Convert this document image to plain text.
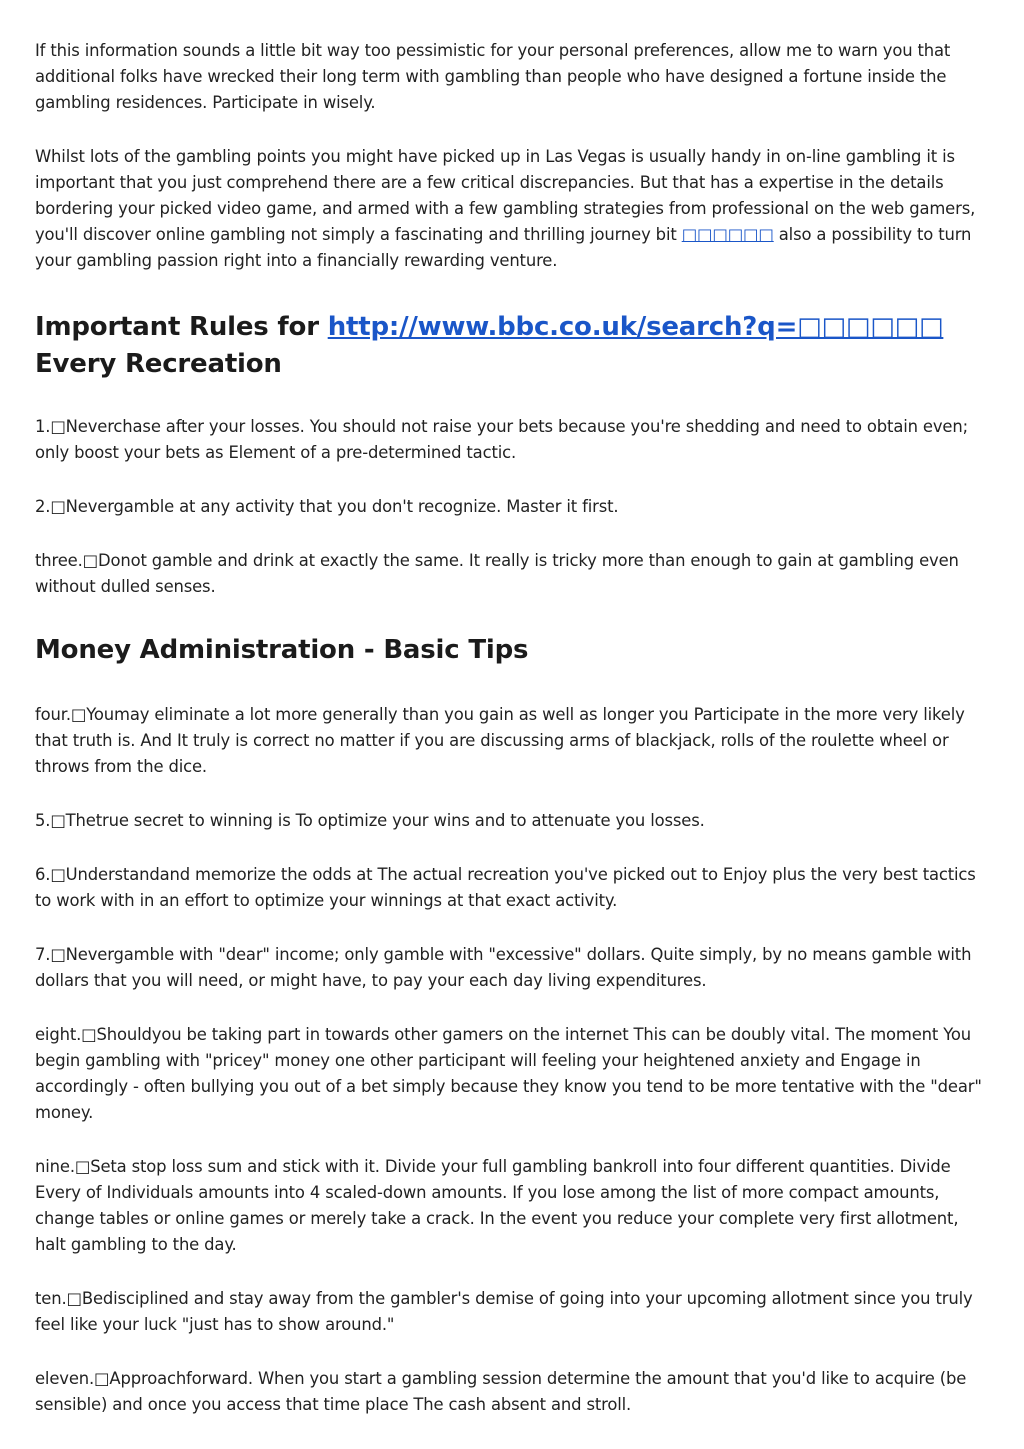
If this information sounds a little bit way too pessimistic for your personal preferences, allow me to warn you that additional folks have wrecked their long term with gambling than people who have designed a fortune inside the gambling residences. Participate in wisely.

Whilst lots of the gambling points you might have picked up in Las Vegas is usually handy in on-line gambling it is important that you just comprehend there are a few critical discrepancies. But that has a expertise in the details bordering your picked video game, and armed with a few gambling strategies from professional on the web gamers, you'll discover online gambling not simply a fascinating and thrilling journey bit □□□□□□ also a possibility to turn your gambling passion right into a financially rewarding venture.

Important Rules for http://www.bbc.co.uk/search?q=□□□□□□ Every Recreation

1.□Neverchase after your losses. You should not raise your bets because you're shedding and need to obtain even; only boost your bets as Element of a pre-determined tactic.

2.□Nevergamble at any activity that you don't recognize. Master it first.

three.□Donot gamble and drink at exactly the same. It really is tricky more than enough to gain at gambling even without dulled senses.

Money Administration - Basic Tips

four.□Youmay eliminate a lot more generally than you gain as well as longer you Participate in the more very likely that truth is. And It truly is correct no matter if you are discussing arms of blackjack, rolls of the roulette wheel or throws from the dice.

5.□Thetrue secret to winning is To optimize your wins and to attenuate you losses.

6.□Understandand memorize the odds at The actual recreation you've picked out to Enjoy plus the very best tactics to work with in an effort to optimize your winnings at that exact activity.

7.□Nevergamble with "dear" income; only gamble with "excessive" dollars. Quite simply, by no means gamble with dollars that you will need, or might have, to pay your each day living expenditures.

eight.□Shouldyou be taking part in towards other gamers on the internet This can be doubly vital. The moment You begin gambling with "pricey" money one other participant will feeling your heightened anxiety and Engage in accordingly - often bullying you out of a bet simply because they know you tend to be more tentative with the "dear" money.

nine.□Seta stop loss sum and stick with it. Divide your full gambling bankroll into four different quantities. Divide Every of Individuals amounts into 4 scaled-down amounts. If you lose among the list of more compact amounts, change tables or online games or merely take a crack. In the event you reduce your complete very first allotment, halt gambling to the day.

ten.□Bedisciplined and stay away from the gambler's demise of going into your upcoming allotment since you truly feel like your luck "just has to show around."

eleven.□Approachforward. When you start a gambling session determine the amount that you'd like to acquire (be sensible) and once you access that time place The cash absent and stroll.
